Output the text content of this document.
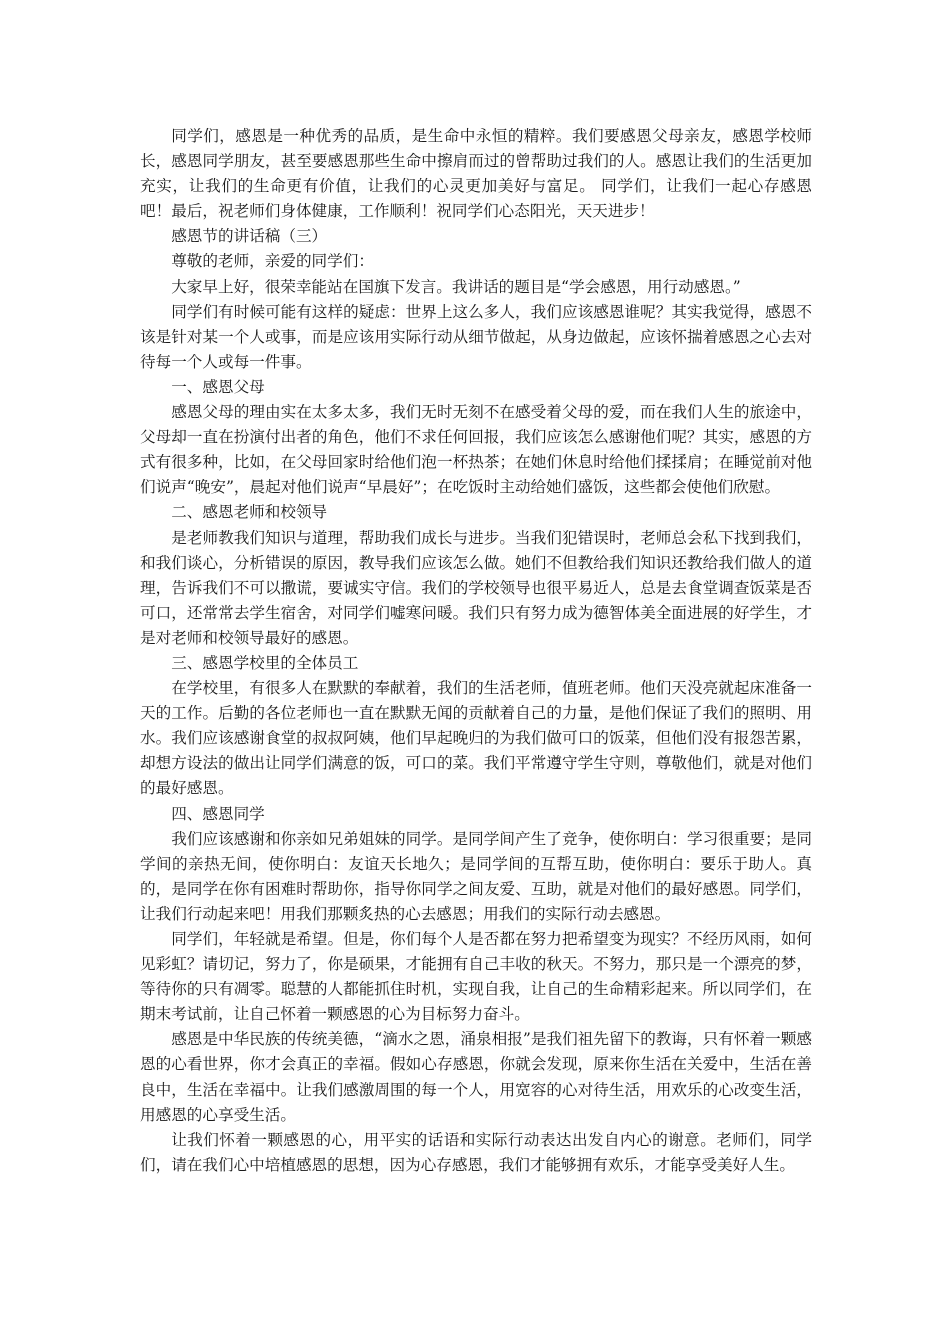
同学们，感恩是一种优秀的品质，是生命中永恒的精粹。我们要感恩父母亲友，感恩学校师长，感恩同学朋友，甚至要感恩那些生命中擦肩而过的曾帮助过我们的人。感恩让我们的生活更加充实，让我们的生命更有价值，让我们的心灵更加美好与富足。 同学们，让我们一起心存感恩吧！最后，祝老师们身体健康，工作顺利！祝同学们心态阳光，天天进步！

感恩节的讲话稿（三）

尊敬的老师，亲爱的同学们：

大家早上好，很荣幸能站在国旗下发言。我讲话的题目是“学会感恩，用行动感恩。”

同学们有时候可能有这样的疑虑：世界上这么多人，我们应该感恩谁呢？其实我觉得，感恩不该是针对某一个人或事，而是应该用实际行动从细节做起，从身边做起，应该怀揣着感恩之心去对待每一个人或每一件事。

一、感恩父母

感恩父母的理由实在太多太多，我们无时无刻不在感受着父母的爱，而在我们人生的旅途中，父母却一直在扮演付出者的角色，他们不求任何回报，我们应该怎么感谢他们呢？其实，感恩的方式有很多种，比如，在父母回家时给他们泡一杯热茶；在她们休息时给他们揉揉肩；在睡觉前对他们说声“晚安”，晨起对他们说声“早晨好”；在吃饭时主动给她们盛饭，这些都会使他们欣慰。

二、感恩老师和校领导

是老师教我们知识与道理，帮助我们成长与进步。当我们犯错误时，老师总会私下找到我们，和我们谈心，分析错误的原因，教导我们应该怎么做。她们不但教给我们知识还教给我们做人的道理，告诉我们不可以撒谎，要诚实守信。我们的学校领导也很平易近人，总是去食堂调查饭菜是否可口，还常常去学生宿舍，对同学们嘘寒问暖。我们只有努力成为德智体美全面进展的好学生，才是对老师和校领导最好的感恩。

三、感恩学校里的全体员工

在学校里，有很多人在默默的奉献着，我们的生活老师，值班老师。他们天没亮就起床准备一天的工作。后勤的各位老师也一直在默默无闻的贡献着自己的力量，是他们保证了我们的照明、用水。我们应该感谢食堂的叔叔阿姨，他们早起晚归的为我们做可口的饭菜，但他们没有报怨苦累，却想方设法的做出让同学们满意的饭，可口的菜。我们平常遵守学生守则，尊敬他们，就是对他们的最好感恩。

四、感恩同学

我们应该感谢和你亲如兄弟姐妹的同学。是同学间产生了竞争，使你明白：学习很重要；是同学间的亲热无间，使你明白：友谊天长地久；是同学间的互帮互助，使你明白：要乐于助人。真的，是同学在你有困难时帮助你，指导你同学之间友爱、互助，就是对他们的最好感恩。同学们，让我们行动起来吧！用我们那颗炙热的心去感恩；用我们的实际行动去感恩。

同学们，年轻就是希望。但是，你们每个人是否都在努力把希望变为现实？不经历风雨，如何见彩虹？请切记，努力了，你是硕果，才能拥有自己丰收的秋天。不努力，那只是一个漂亮的梦，等待你的只有凋零。聪慧的人都能抓住时机，实现自我，让自己的生命精彩起来。所以同学们，在期末考试前，让自己怀着一颗感恩的心为目标努力奋斗。

感恩是中华民族的传统美德，“滴水之恩，涌泉相报”是我们祖先留下的教诲，只有怀着一颗感恩的心看世界，你才会真正的幸福。假如心存感恩，你就会发现，原来你生活在关爱中，生活在善良中，生活在幸福中。让我们感激周围的每一个人，用宽容的心对待生活，用欢乐的心改变生活，用感恩的心享受生活。

让我们怀着一颗感恩的心，用平实的话语和实际行动表达出发自内心的谢意。老师们，同学们，请在我们心中培植感恩的思想，因为心存感恩，我们才能够拥有欢乐，才能享受美好人生。
